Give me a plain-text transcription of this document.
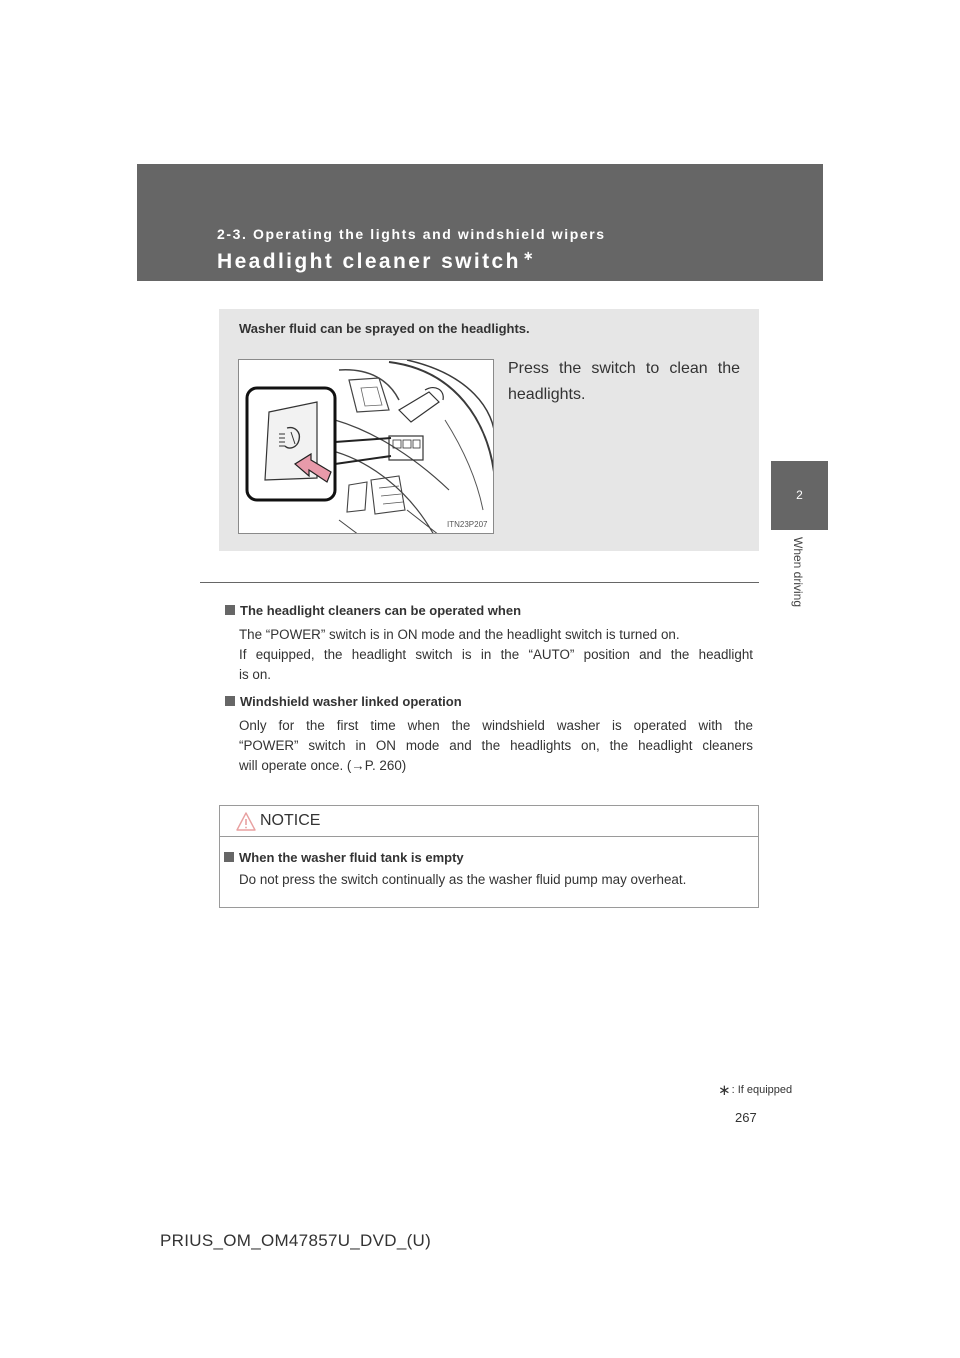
2-3. Operating the lights and windshield wipers
Headlight cleaner switch ∗
2
When driving
Washer fluid can be sprayed on the headlights.
ITN23P207
Press the switch to clean the headlights.
The headlight cleaners can be operated when

The “POWER” switch is in ON mode and the headlight switch is turned on.

If equipped, the headlight switch is in the “AUTO” position and the headlight

is on.

Windshield washer linked operation

Only for the first time when the windshield washer is operated with the

“POWER” switch in ON mode and the headlights on, the headlight cleaners

will operate once. (→P. 260)

NOTICE
When the washer fluid tank is empty
Do not press the switch continually as the washer fluid pump may overheat.
∗: If equipped
267
PRIUS_OM_OM47857U_DVD_(U)
